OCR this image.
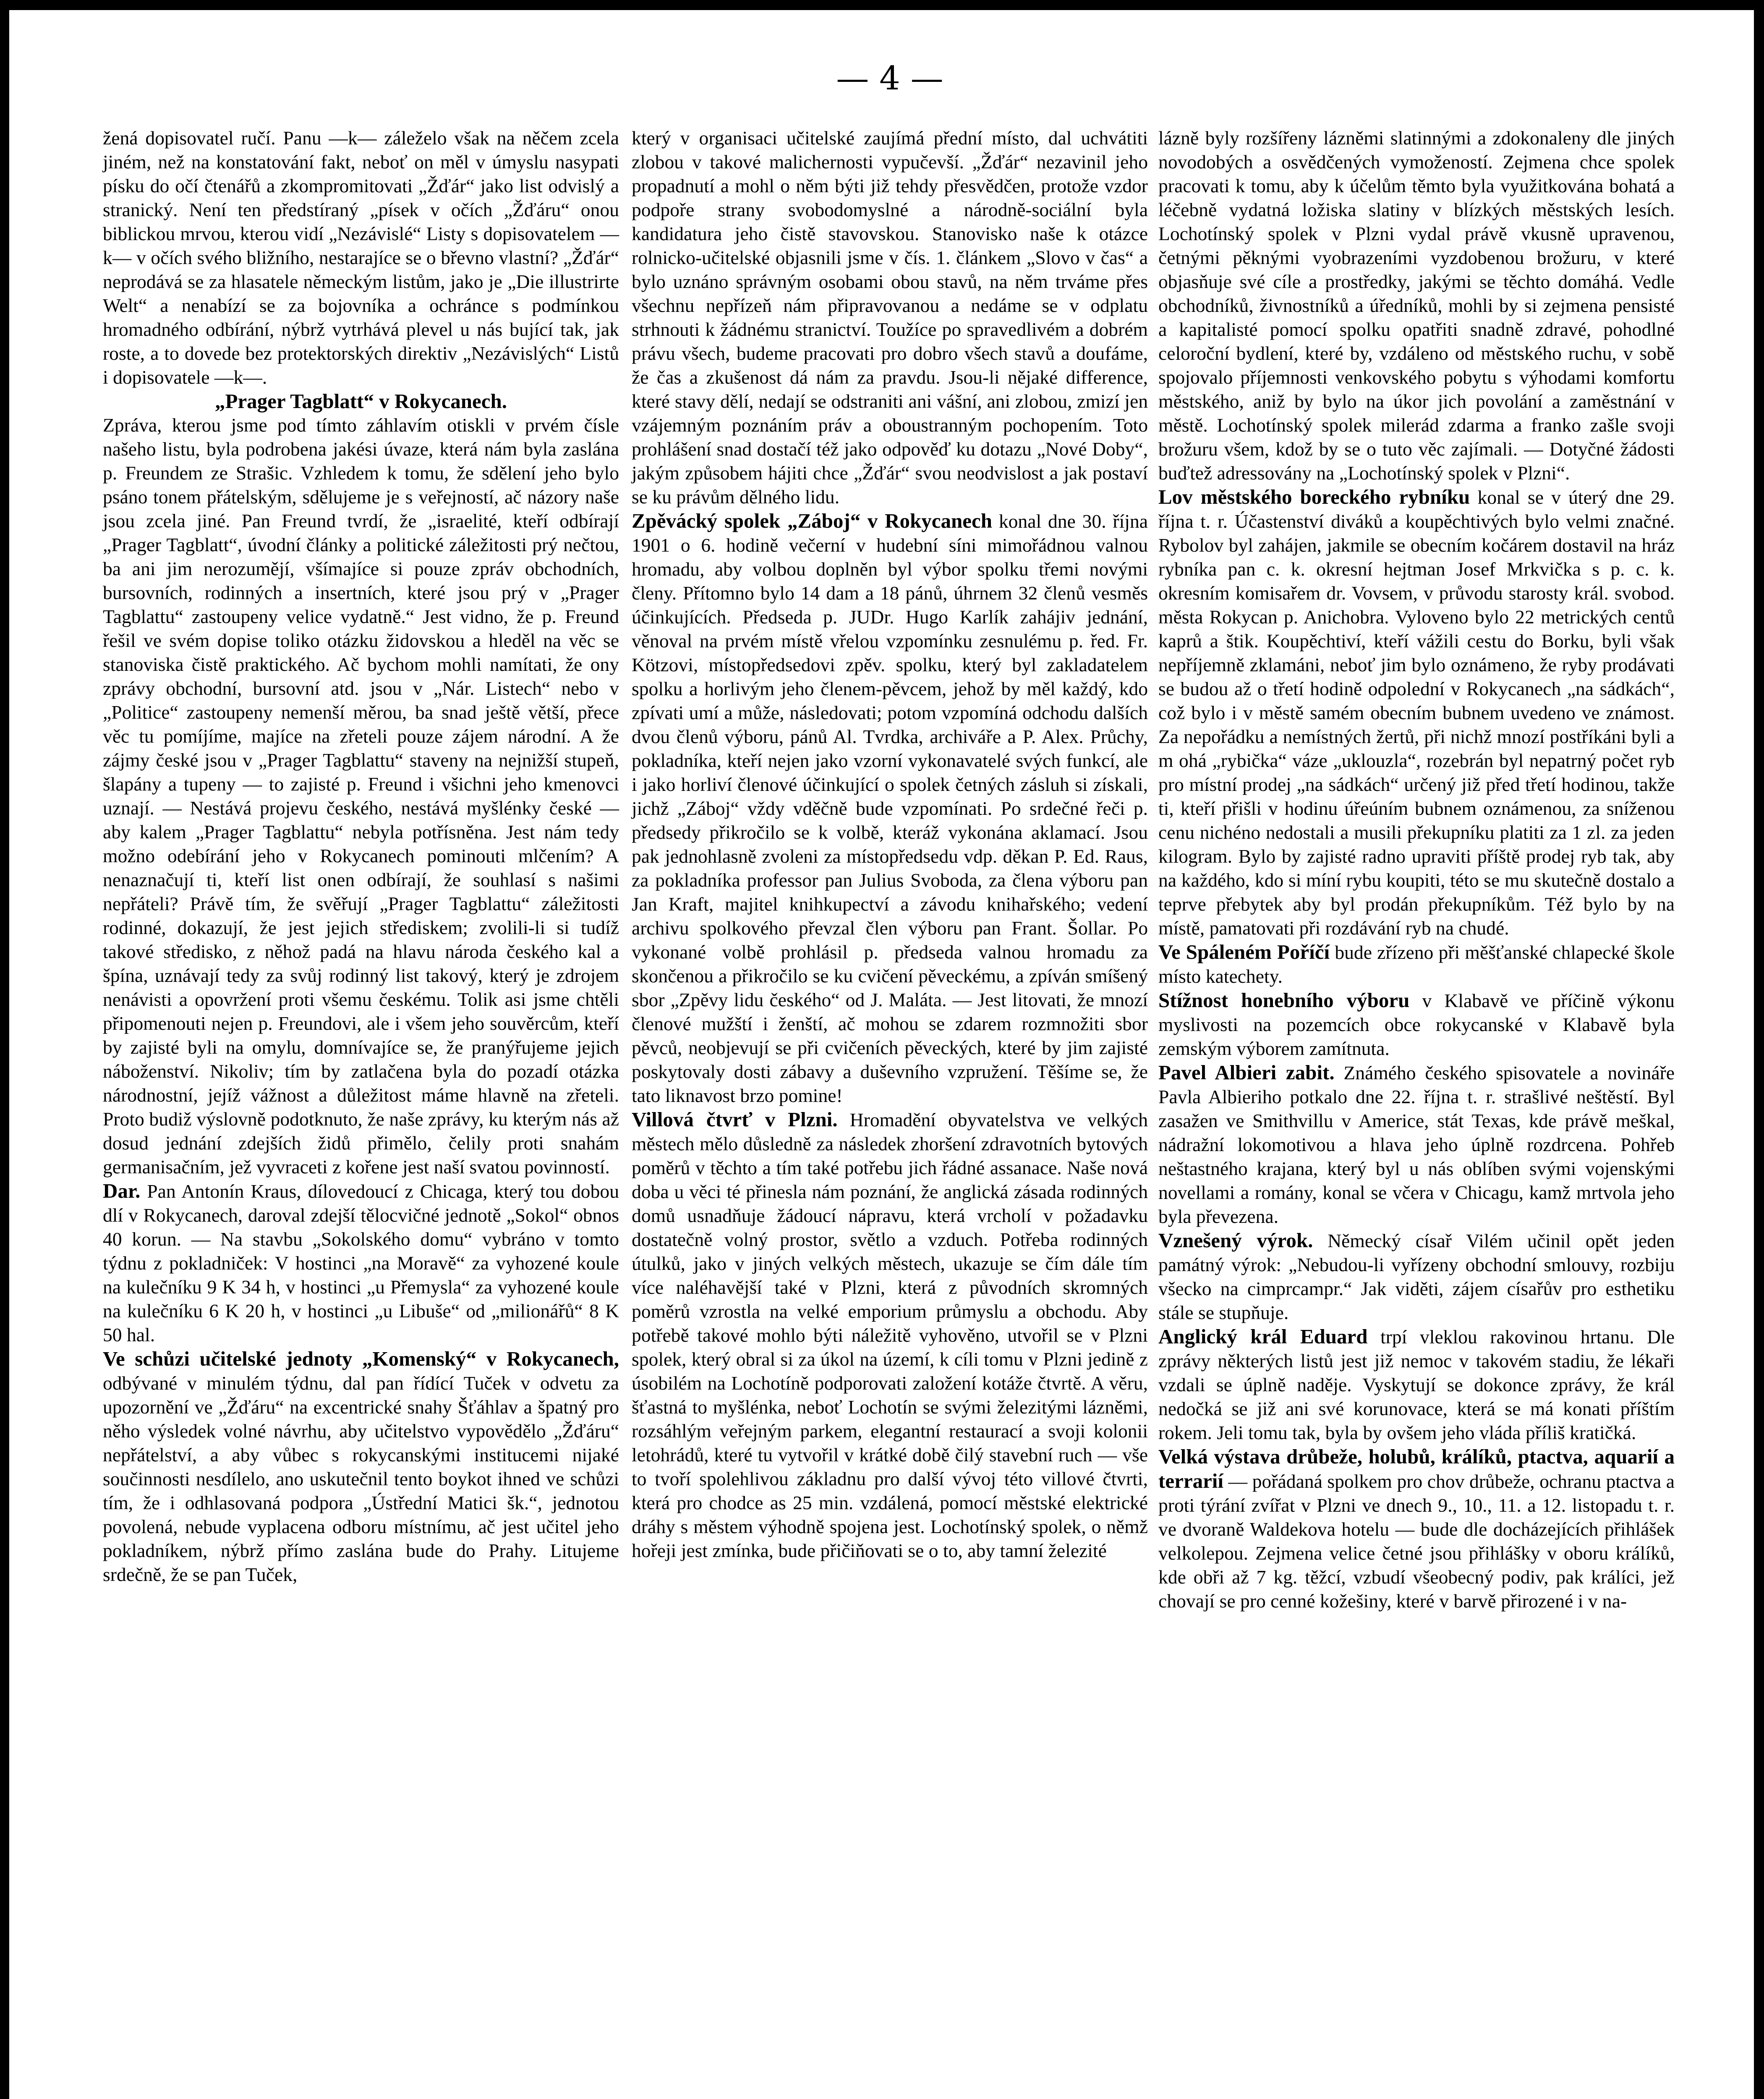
— 4 —

žená dopisovatel ručí. Panu —k— záleželo však na něčem zcela jiném, než na konstatování fakt, neboť on měl v úmyslu nasypati písku do očí čtenářů a zkompromitovati „Žďár“ jako list odvislý a stranický. Není ten předstíraný „písek v očích „Žďáru“ onou biblickou mrvou, kterou vidí „Nezávislé“ Listy s dopisovatelem —k— v očích svého bližního, nestarajíce se o břevno vlastní? „Žďár“ neprodává se za hlasatele německým listům, jako je „Die illustrirte Welt“ a nenabízí se za bojovníka a ochránce s podmínkou hromadného odbírání, nýbrž vytrhává plevel u nás bující tak, jak roste, a to dovede bez protektorských direktiv „Nezávislých“ Listů i dopisovatele —k—.

„Prager Tagblatt“ v Rokycanech.

Zpráva, kterou jsme pod tímto záhlavím otiskli v prvém čísle našeho listu, byla podrobena jakési úvaze, která nám byla zaslána p. Freundem ze Strašic. Vzhledem k tomu, že sdělení jeho bylo psáno tonem přátelským, sdělujeme je s veřejností, ač názory naše jsou zcela jiné. Pan Freund tvrdí, že „israelité, kteří odbírají „Prager Tagblatt“, úvodní články a politické záležitosti prý nečtou, ba ani jim nerozumějí, všímajíce si pouze zpráv obchodních, bursovních, rodinných a insertních, které jsou prý v „Prager Tagblattu“ zastoupeny velice vydatně.“ Jest vidno, že p. Freund řešil ve svém dopise toliko otázku židovskou a hleděl na věc se stanoviska čistě praktického. Ač bychom mohli namítati, že ony zprávy obchodní, bursovní atd. jsou v „Nár. Listech“ nebo v „Politice“ zastoupeny nemenší měrou, ba snad ještě větší, přece věc tu pomíjíme, majíce na zřeteli pouze zájem národní. A že zájmy české jsou v „Prager Tagblattu“ staveny na nejnižší stupeň, šlapány a tupeny — to zajisté p. Freund i všichni jeho kmenovci uznají. — Nestává projevu českého, nestává myšlénky české — aby kalem „Prager Tagblattu“ nebyla potřísněna. Jest nám tedy možno odebírání jeho v Rokycanech pominouti mlčením? A nenaznačují ti, kteří list onen odbírají, že souhlasí s našimi nepřáteli? Právě tím, že svěřují „Prager Tagblattu“ záležitosti rodinné, dokazují, že jest jejich střediskem; zvolili-li si tudíž takové středisko, z něhož padá na hlavu národa českého kal a špína, uznávají tedy za svůj rodinný list takový, který je zdrojem nenávisti a opovržení proti všemu českému. Tolik asi jsme chtěli připomenouti nejen p. Freundovi, ale i všem jeho souvěrcům, kteří by zajisté byli na omylu, domnívajíce se, že pranýřujeme jejich náboženství. Nikoliv; tím by zatlačena byla do pozadí otázka národnostní, jejíž vážnost a důležitost máme hlavně na zřeteli. Proto budiž výslovně podotknuto, že naše zprávy, ku kterým nás až dosud jednání zdejších židů přimělo, čelily proti snahám germanisačním, jež vyvraceti z kořene jest naší svatou povinností.

Dar. Pan Antonín Kraus, dílovedoucí z Chicaga, který tou dobou dlí v Rokycanech, daroval zdejší tělocvičné jednotě „Sokol“ obnos 40 korun. — Na stavbu „Sokolského domu“ vybráno v tomto týdnu z pokladniček: V hostinci „na Moravě“ za vyhozené koule na kulečníku 9 K 34 h, v hostinci „u Přemysla“ za vyhozené koule na kulečníku 6 K 20 h, v hostinci „u Libuše“ od „milionářů“ 8 K 50 hal.

Ve schůzi učitelské jednoty „Komenský“ v Rokycanech, odbývané v minulém týdnu, dal pan řídící Tuček v odvetu za upozornění ve „Žďáru“ na excentrické snahy Šťáhlav a špatný pro něho výsledek volné návrhu, aby učitelstvo vypovědělo „Žďáru“ nepřátelství, a aby vůbec s rokycanskými institucemi nijaké součinnosti nesdílelo, ano uskutečnil tento boykot ihned ve schůzi tím, že i odhlasovaná podpora „Ústřední Matici šk.“, jednotou povolená, nebude vyplacena odboru místnímu, ač jest učitel jeho pokladníkem, nýbrž přímo zaslána bude do Prahy. Litujeme srdečně, že se pan Tuček,

který v organisaci učitelské zaujímá přední místo, dal uchvátiti zlobou v takové malichernosti vypučevší. „Žďár“ nezavinil jeho propadnutí a mohl o něm býti již tehdy přesvědčen, protože vzdor podpoře strany svobodomyslné a národně-sociální byla kandidatura jeho čistě stavovskou. Stanovisko naše k otázce rolnicko-učitelské objasnili jsme v čís. 1. článkem „Slovo v čas“ a bylo uznáno správným osobami obou stavů, na něm trváme přes všechnu nepřízeň nám připravovanou a nedáme se v odplatu strhnouti k žádnému stranictví. Toužíce po spravedlivém a dobrém právu všech, budeme pracovati pro dobro všech stavů a doufáme, že čas a zkušenost dá nám za pravdu. Jsou-li nějaké difference, které stavy dělí, nedají se odstraniti ani vášní, ani zlobou, zmizí jen vzájemným poznáním práv a oboustranným pochopením. Toto prohlášení snad dostačí též jako odpověď ku dotazu „Nové Doby“, jakým způsobem hájiti chce „Žďár“ svou neodvislost a jak postaví se ku právům dělného lidu.

Zpěvácký spolek „Záboj“ v Rokycanech konal dne 30. října 1901 o 6. hodině večerní v hudební síni mimořádnou valnou hromadu, aby volbou doplněn byl výbor spolku třemi novými členy. Přítomno bylo 14 dam a 18 pánů, úhrnem 32 členů vesměs účinkujících. Předseda p. JUDr. Hugo Karlík zahájiv jednání, věnoval na prvém místě vřelou vzpomínku zesnulému p. řed. Fr. Kötzovi, místopředsedovi zpěv. spolku, který byl zakladatelem spolku a horlivým jeho členem-pěvcem, jehož by měl každý, kdo zpívati umí a může, následovati; potom vzpomíná odchodu dalších dvou členů výboru, pánů Al. Tvrdka, archiváře a P. Alex. Průchy, pokladníka, kteří nejen jako vzorní vykonavatelé svých funkcí, ale i jako horliví členové účinkující o spolek četných zásluh si získali, jichž „Záboj“ vždy vděčně bude vzpomínati. Po srdečné řeči p. předsedy přikročilo se k volbě, kteráž vykonána aklamací. Jsou pak jednohlasně zvoleni za místopředsedu vdp. děkan P. Ed. Raus, za pokladníka professor pan Julius Svoboda, za člena výboru pan Jan Kraft, majitel knihkupectví a závodu knihařského; vedení archivu spolkového převzal člen výboru pan Frant. Šollar. Po vykonané volbě prohlásil p. předseda valnou hromadu za skončenou a přikročilo se ku cvičení pěveckému, a zpíván smíšený sbor „Zpěvy lidu českého“ od J. Maláta. — Jest litovati, že mnozí členové mužští i ženští, ač mohou se zdarem rozmnožiti sbor pěvců, neobjevují se při cvičeních pěveckých, které by jim zajisté poskytovaly dosti zábavy a duševního vzpružení. Těšíme se, že tato liknavost brzo pomine!

Villová čtvrť v Plzni. Hromadění obyvatelstva ve velkých městech mělo důsledně za následek zhoršení zdravotních bytových poměrů v těchto a tím také potřebu jich řádné assanace. Naše nová doba u věci té přinesla nám poznání, že anglická zásada rodinných domů usnadňuje žádoucí nápravu, která vrcholí v požadavku dostatečně volný prostor, světlo a vzduch. Potřeba rodinných útulků, jako v jiných velkých městech, ukazuje se čím dále tím více naléhavější také v Plzni, která z původních skromných poměrů vzrostla na velké emporium průmyslu a obchodu. Aby potřebě takové mohlo býti náležitě vyhověno, utvořil se v Plzni spolek, který obral si za úkol na území, k cíli tomu v Plzni jedině z úsobilém na Lochotíně podporovati založení kotáže čtvrtě. A věru, šťastná to myšlénka, neboť Lochotín se svými železitými lázněmi, rozsáhlým veřejným parkem, elegantní restaurací a svoji kolonii letohrádů, které tu vytvořil v krátké době čilý stavební ruch — vše to tvoří spolehlivou základnu pro další vývoj této villové čtvrti, která pro chodce as 25 min. vzdálená, pomocí městské elektrické dráhy s městem výhodně spojena jest. Lochotínský spolek, o němž hořeji jest zmínka, bude přičiňovati se o to, aby tamní železité

lázně byly rozšířeny lázněmi slatinnými a zdokonaleny dle jiných novodobých a osvědčených vymožeností. Zejmena chce spolek pracovati k tomu, aby k účelům těmto byla využitkována bohatá a léčebně vydatná ložiska slatiny v blízkých městských lesích. Lochotínský spolek v Plzni vydal právě vkusně upravenou, četnými pěknými vyobrazeními vyzdobenou brožuru, v které objasňuje své cíle a prostředky, jakými se těchto domáhá. Vedle obchodníků, živnostníků a úředníků, mohli by si zejmena pensisté a kapitalisté pomocí spolku opatřiti snadně zdravé, pohodlné celoroční bydlení, které by, vzdáleno od městského ruchu, v sobě spojovalo příjemnosti venkovského pobytu s výhodami komfortu městského, aniž by bylo na úkor jich povolání a zaměstnání v městě. Lochotínský spolek milerád zdarma a franko zašle svoji brožuru všem, kdož by se o tuto věc zajímali. — Dotyčné žádosti buďtež adressovány na „Lochotínský spolek v Plzni“.

Lov městského boreckého rybníku konal se v úterý dne 29. října t. r. Účastenství diváků a koupěchtivých bylo velmi značné. Rybolov byl zahájen, jakmile se obecním kočárem dostavil na hráz rybníka pan c. k. okresní hejtman Josef Mrkvička s p. c. k. okresním komisařem dr. Vovsem, v průvodu starosty král. svobod. města Rokycan p. Anichobra. Vyloveno bylo 22 metrických centů kaprů a štik. Koupěchtiví, kteří vážili cestu do Borku, byli však nepříjemně zklamáni, neboť jim bylo oznámeno, že ryby prodávati se budou až o třetí hodině odpolední v Rokycanech „na sádkách“, což bylo i v městě samém obecním bubnem uvedeno ve známost. Za nepořádku a nemístných žertů, při nichž mnozí postříkáni byli a m ohá „rybička“ váze „uklouzla“, rozebrán byl nepatrný počet ryb pro místní prodej „na sádkách“ určený již před třetí hodinou, takže ti, kteří přišli v hodinu úřeúním bubnem oznámenou, za sníženou cenu nichéno nedostali a musili překupníku platiti za 1 zl. za jeden kilogram. Bylo by zajisté radno upraviti příště prodej ryb tak, aby na každého, kdo si míní rybu koupiti, této se mu skutečně dostalo a teprve přebytek aby byl prodán překupníkům. Též bylo by na místě, pamatovati při rozdávání ryb na chudé.

Ve Spáleném Poříčí bude zřízeno při měšťanské chlapecké škole místo katechety.

Stížnost honebního výboru v Klabavě ve příčině výkonu myslivosti na pozemcích obce rokycanské v Klabavě byla zemským výborem zamítnuta.

Pavel Albieri zabit. Známého českého spisovatele a novináře Pavla Albieriho potkalo dne 22. října t. r. strašlivé neštěstí. Byl zasažen ve Smithvillu v Americe, stát Texas, kde právě meškal, nádražní lokomotivou a hlava jeho úplně rozdrcena. Pohřeb neštastného krajana, který byl u nás oblíben svými vojenskými novellami a romány, konal se včera v Chicagu, kamž mrtvola jeho byla převezena.

Vznešený výrok. Německý císař Vilém učinil opět jeden památný výrok: „Nebudou-li vyřízeny obchodní smlouvy, rozbiju všecko na cimprcampr.“ Jak viděti, zájem císařův pro esthetiku stále se stupňuje.

Anglický král Eduard trpí vleklou rakovinou hrtanu. Dle zprávy některých listů jest již nemoc v takovém stadiu, že lékaři vzdali se úplně naděje. Vyskytují se dokonce zprávy, že král nedočká se již ani své korunovace, která se má konati příštím rokem. Jeli tomu tak, byla by ovšem jeho vláda příliš kratičká.

Velká výstava drůbeže, holubů, králíků, ptactva, aquarií a terrarií — pořádaná spolkem pro chov drůbeže, ochranu ptactva a proti týrání zvířat v Plzni ve dnech 9., 10., 11. a 12. listopadu t. r. ve dvoraně Waldekova hotelu — bude dle docházejících přihlášek velkolepou. Zejmena velice četné jsou přihlášky v oboru králíků, kde obři až 7 kg. těžcí, vzbudí všeobecný podiv, pak králíci, jež chovají se pro cenné kožešiny, které v barvě přirozené i v na-
